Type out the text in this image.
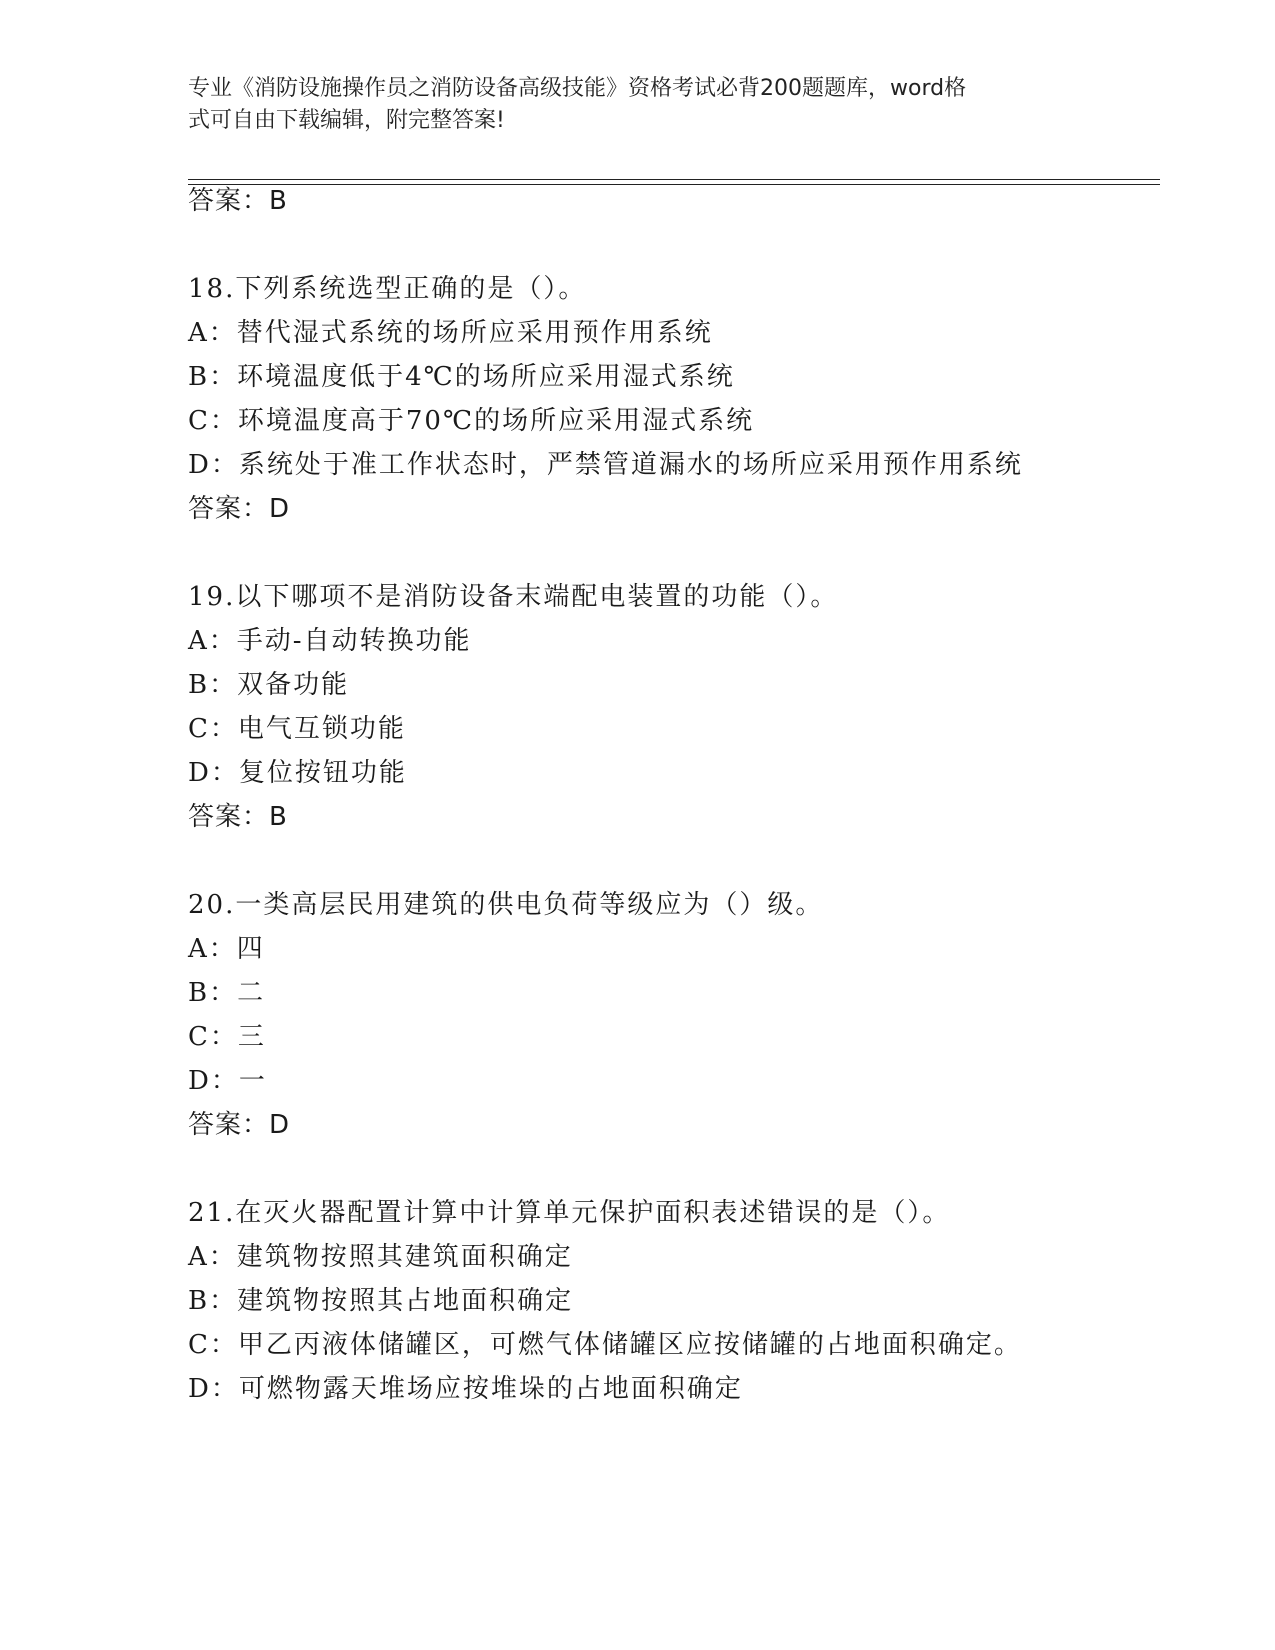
专业《消防设施操作员之消防设备高级技能》资格考试必背200题题库，word格
式可自由下载编辑，附完整答案!
答案：B
18.下列系统选型正确的是（）。
A：替代湿式系统的场所应采用预作用系统
B：环境温度低于4℃的场所应采用湿式系统
C：环境温度高于70℃的场所应采用湿式系统
D：系统处于准工作状态时，严禁管道漏水的场所应采用预作用系统
答案：D
19.以下哪项不是消防设备末端配电装置的功能（）。
A：手动-自动转换功能
B：双备功能
C：电气互锁功能
D：复位按钮功能
答案：B
20.一类高层民用建筑的供电负荷等级应为（）级。
A：四
B：二
C：三
D：一
答案：D
21.在灭火器配置计算中计算单元保护面积表述错误的是（）。
A：建筑物按照其建筑面积确定
B：建筑物按照其占地面积确定
C：甲乙丙液体储罐区，可燃气体储罐区应按储罐的占地面积确定。
D：可燃物露天堆场应按堆垛的占地面积确定
